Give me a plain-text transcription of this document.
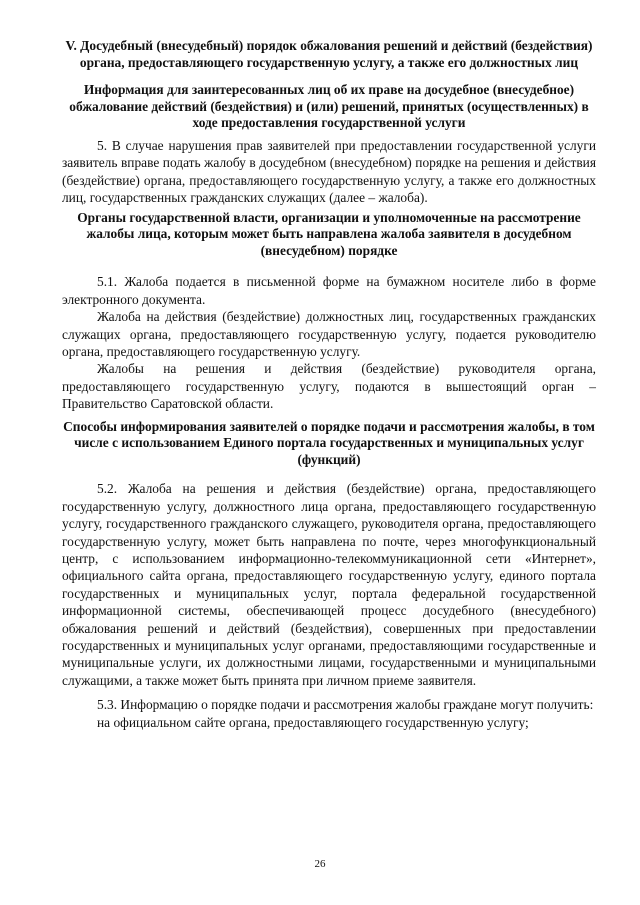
V. Досудебный (внесудебный) порядок обжалования решений и действий (бездействия) органа, предоставляющего государственную услугу, а также его должностных лиц
Информация для заинтересованных лиц об их праве на досудебное (внесудебное) обжалование действий (бездействия) и (или) решений, принятых (осуществленных) в ходе предоставления государственной услуги

5. В случае нарушения прав заявителей при предоставлении государственной услуги заявитель вправе подать жалобу в досудебном (внесудебном) порядке на решения и действия (бездействие) органа, предоставляющего государственную услугу, а также его должностных лиц, государственных гражданских служащих (далее – жалоба).

Органы государственной власти, организации и уполномоченные на рассмотрение жалобы лица, которым может быть направлена жалоба заявителя в досудебном (внесудебном) порядке

5.1. Жалоба подается в письменной форме на бумажном носителе либо в форме электронного документа.

Жалоба на действия (бездействие) должностных лиц, государственных гражданских служащих органа, предоставляющего государственную услугу, подается руководителю органа, предоставляющего государственную услугу.

Жалобы на решения и действия (бездействие) руководителя органа, предоставляющего государственную услугу, подаются в вышестоящий орган – Правительство Саратовской области.

Способы информирования заявителей о порядке подачи и рассмотрения жалобы, в том числе с использованием Единого портала государственных и муниципальных услуг (функций)

5.2. Жалоба на решения и действия (бездействие) органа, предоставляющего государственную услугу, должностного лица органа, предоставляющего государственную услугу, государственного гражданского служащего, руководителя органа, предоставляющего государственную услугу, может быть направлена по почте, через многофункциональный центр, с использованием информационно-телекоммуникационной сети «Интернет», официального сайта органа, предоставляющего государственную услугу, единого портала государственных и муниципальных услуг, портала федеральной государственной информационной системы, обеспечивающей процесс досудебного (внесудебного) обжалования решений и действий (бездействия), совершенных при предоставлении государственных и муниципальных услуг органами, предоставляющими государственные и муниципальные услуги, их должностными лицами, государственными и муниципальными служащими, а также может быть принята при личном приеме заявителя.

5.3. Информацию о порядке подачи и рассмотрения жалобы граждане могут получить:

на официальном сайте органа, предоставляющего государственную услугу;

26
